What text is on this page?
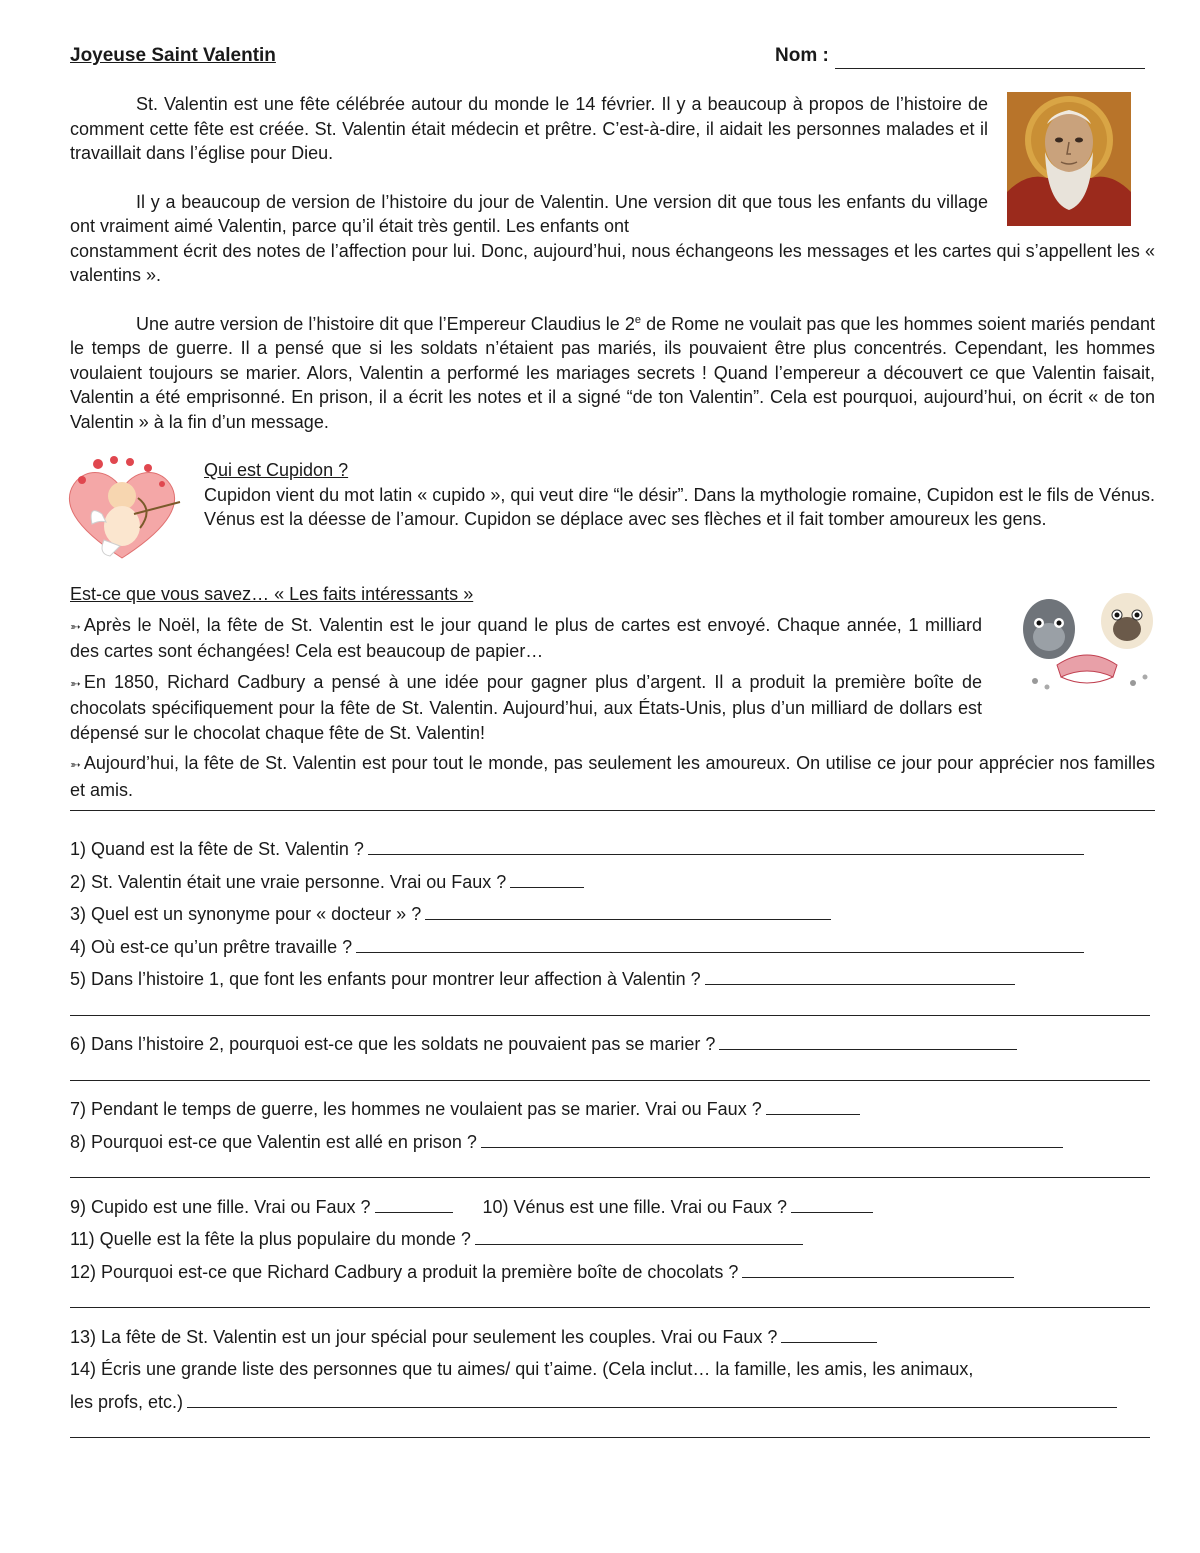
Joyeuse Saint Valentin	Nom :

St. Valentin est une fête célébrée autour du monde le 14 février. Il y a beaucoup à propos de l’histoire de comment cette fête est créée. St. Valentin était médecin et prêtre. C’est-à-dire, il aidait les personnes malades et il travaillait dans l’église pour Dieu.

Il y a beaucoup de version de l’histoire du jour de Valentin. Une version dit que tous les enfants du village ont vraiment aimé Valentin, parce qu’il était très gentil. Les enfants ont

constamment écrit des notes de l’affection pour lui. Donc, aujourd’hui, nous échangeons les messages et les cartes qui s’appellent les « valentins ».

Une autre version de l’histoire dit que l’Empereur Claudius le 2e de Rome ne voulait pas que les hommes soient mariés pendant le temps de guerre. Il a pensé que si les soldats n’étaient pas mariés, ils pouvaient être plus concentrés. Cependant, les hommes voulaient toujours se marier. Alors, Valentin a performé les mariages secrets ! Quand l’empereur a découvert ce que Valentin faisait, Valentin a été emprisonné. En prison, il a écrit les notes et il a signé “de ton Valentin”. Cela est pourquoi, aujourd’hui, on écrit « de ton Valentin » à la fin d’un message.

Qui est Cupidon ?

Cupidon vient du mot latin « cupido », qui veut dire “le désir”. Dans la mythologie romaine, Cupidon est le fils de Vénus. Vénus est la déesse de l’amour. Cupidon se déplace avec ses flèches et il fait tomber amoureux les gens.

Est-ce que vous savez… « Les faits intéressants »

➳ Après le Noël, la fête de St. Valentin est le jour quand le plus de cartes est envoyé. Chaque année, 1 milliard des cartes sont échangées! Cela est beaucoup de papier…

➳ En 1850, Richard Cadbury a pensé à une idée pour gagner plus d’argent. Il a produit la première boîte de chocolats spécifiquement pour la fête de St. Valentin. Aujourd’hui, aux États-Unis, plus d’un milliard de dollars est dépensé sur le chocolat chaque fête de St. Valentin!

➳ Aujourd’hui, la fête de St. Valentin est pour tout le monde, pas seulement les amoureux. On utilise ce jour pour apprécier nos familles et amis.

1) Quand est la fête de St. Valentin ?
2) St. Valentin était une vraie personne. Vrai ou Faux ?
3) Quel est un synonyme pour « docteur » ?
4) Où est-ce qu’un prêtre travaille ?
5) Dans l’histoire 1, que font les enfants pour montrer leur affection à Valentin ?
6) Dans l’histoire 2, pourquoi est-ce que les soldats ne pouvaient pas se marier ?
7) Pendant le temps de guerre, les hommes ne voulaient pas se marier. Vrai ou Faux ?
8) Pourquoi est-ce que Valentin est allé en prison ?
9) Cupido est une fille. Vrai ou Faux ?	10) Vénus est une fille. Vrai ou Faux ?
11) Quelle est la fête la plus populaire du monde ?
12) Pourquoi est-ce que Richard Cadbury a produit la première boîte de chocolats ?
13) La fête de St. Valentin est un jour spécial pour seulement les couples. Vrai ou Faux ?
14) Écris une grande liste des personnes que tu aimes/ qui t’aime. (Cela inclut… la famille, les amis, les animaux,
les profs, etc.)
